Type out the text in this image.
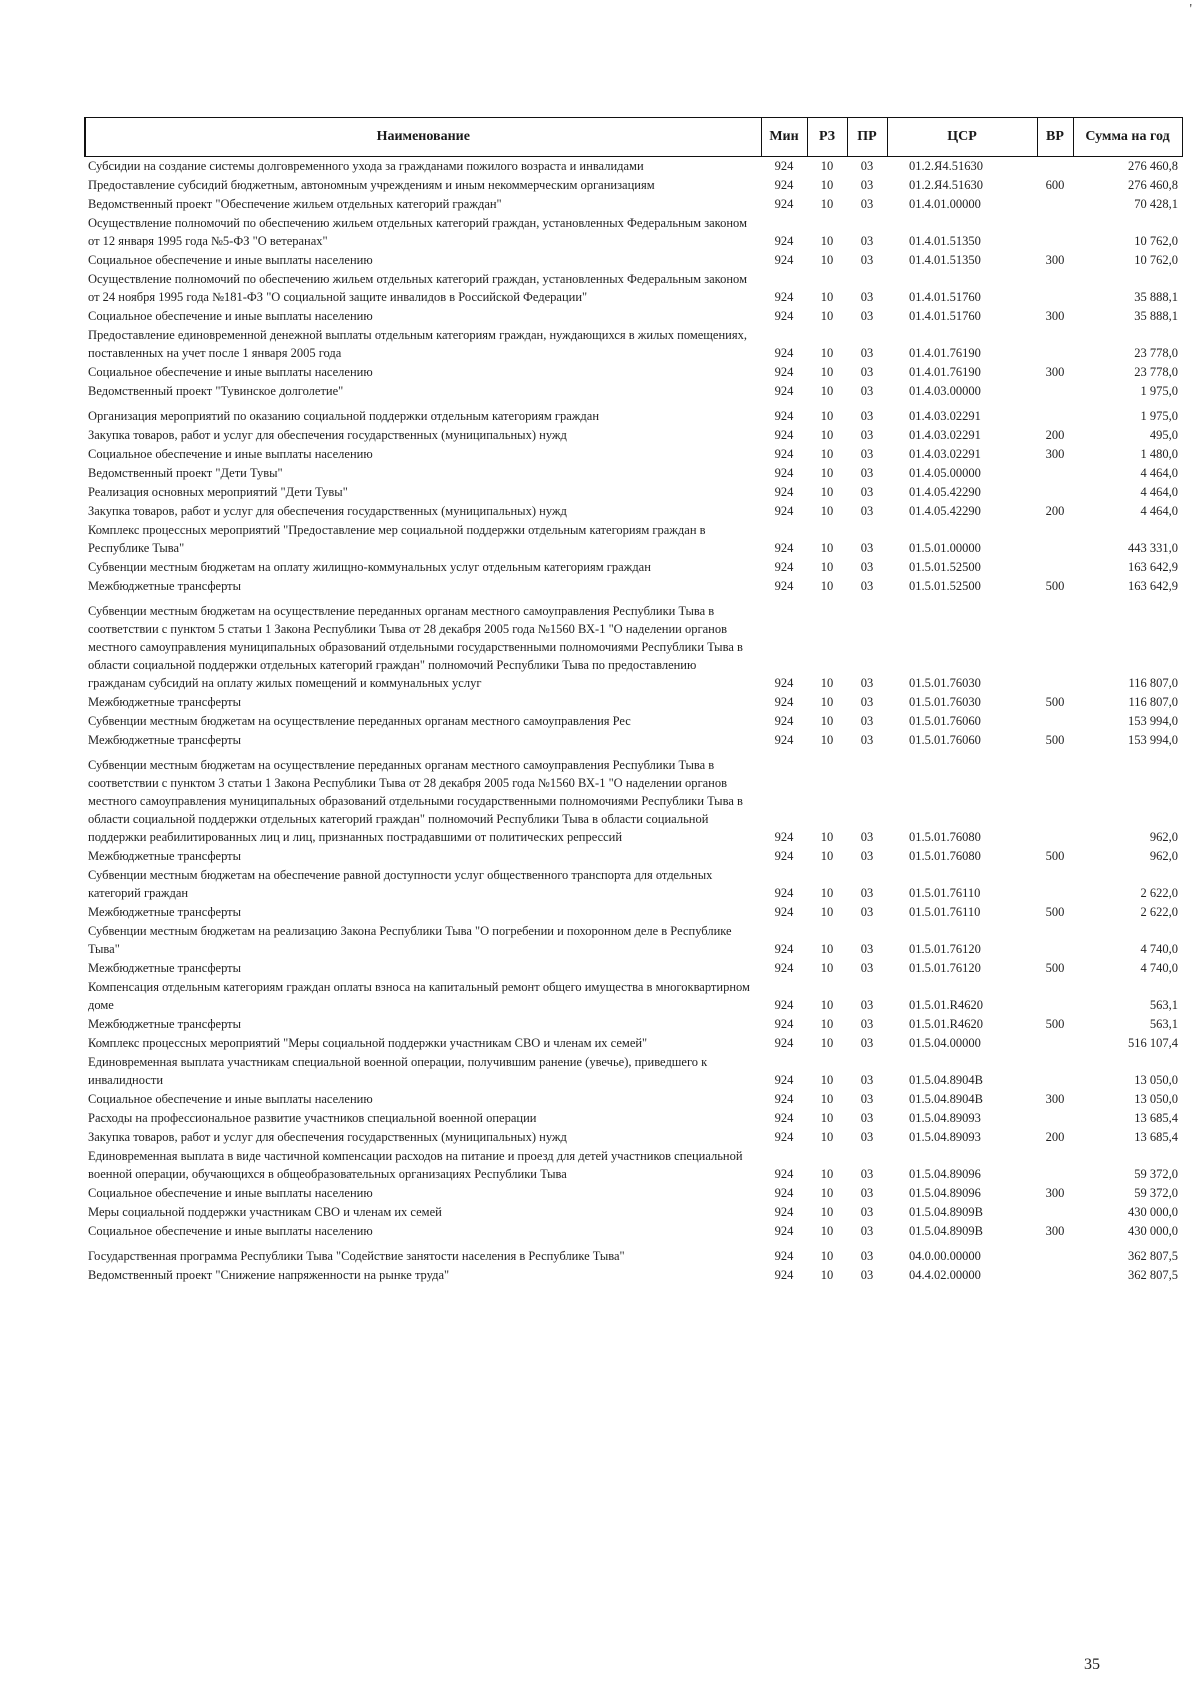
'
Наименование	Мин	РЗ	ПР	ЦСР	ВР	Сумма на год
Субсидии на создание системы долговременного ухода за гражданами пожилого возраста и инвалидами	924	10	03	01.2.Я4.51630		276 460,8
Предоставление субсидий бюджетным, автономным учреждениям и иным некоммерческим организациям	924	10	03	01.2.Я4.51630	600	276 460,8
Ведомственный проект "Обеспечение жильем отдельных категорий граждан"	924	10	03	01.4.01.00000		70 428,1
Осуществление полномочий по обеспечению жильем отдельных категорий граждан, установленных Федеральным законом от 12 января 1995 года №5-ФЗ "О ветеранах"	924	10	03	01.4.01.51350		10 762,0
Социальное обеспечение и иные выплаты населению	924	10	03	01.4.01.51350	300	10 762,0
Осуществление полномочий по обеспечению жильем отдельных категорий граждан, установленных Федеральным законом от 24 ноября 1995 года №181-ФЗ "О социальной защите инвалидов в Российской Федерации"	924	10	03	01.4.01.51760		35 888,1
Социальное обеспечение и иные выплаты населению	924	10	03	01.4.01.51760	300	35 888,1
Предоставление единовременной денежной выплаты отдельным категориям граждан, нуждающихся в жилых помещениях, поставленных на учет после 1 января 2005 года	924	10	03	01.4.01.76190		23 778,0
Социальное обеспечение и иные выплаты населению	924	10	03	01.4.01.76190	300	23 778,0
Ведомственный проект "Тувинское долголетие"	924	10	03	01.4.03.00000		1 975,0
Организация мероприятий по оказанию социальной поддержки отдельным категориям граждан	924	10	03	01.4.03.02291		1 975,0
Закупка товаров, работ и услуг для обеспечения государственных (муниципальных) нужд	924	10	03	01.4.03.02291	200	495,0
Социальное обеспечение и иные выплаты населению	924	10	03	01.4.03.02291	300	1 480,0
Ведомственный проект "Дети Тувы"	924	10	03	01.4.05.00000		4 464,0
Реализация основных мероприятий "Дети Тувы"	924	10	03	01.4.05.42290		4 464,0
Закупка товаров, работ и услуг для обеспечения государственных (муниципальных) нужд	924	10	03	01.4.05.42290	200	4 464,0
Комплекс процессных мероприятий "Предоставление мер социальной поддержки отдельным категориям граждан в Республике Тыва"	924	10	03	01.5.01.00000		443 331,0
Субвенции местным бюджетам на оплату жилищно-коммунальных услуг отдельным категориям граждан	924	10	03	01.5.01.52500		163 642,9
Межбюджетные трансферты	924	10	03	01.5.01.52500	500	163 642,9
Субвенции местным бюджетам на осуществление переданных органам местного самоуправления Республики Тыва в соответствии с пунктом 5 статьи 1 Закона Республики Тыва от 28 декабря 2005 года №1560 ВХ-1 "О наделении органов местного самоуправления муниципальных образований отдельными государственными полномочиями Республики Тыва в области социальной поддержки отдельных категорий граждан" полномочий Республики Тыва по предоставлению гражданам субсидий на оплату жилых помещений и коммунальных услуг	924	10	03	01.5.01.76030		116 807,0
Межбюджетные трансферты	924	10	03	01.5.01.76030	500	116 807,0
Субвенции местным бюджетам на осуществление переданных органам местного самоуправления Рес	924	10	03	01.5.01.76060		153 994,0
Межбюджетные трансферты	924	10	03	01.5.01.76060	500	153 994,0
Субвенции местным бюджетам на осуществление переданных органам местного самоуправления Республики Тыва в соответствии с пунктом 3 статьи 1 Закона Республики Тыва от 28 декабря 2005 года №1560 ВХ-1 "О наделении органов местного самоуправления муниципальных образований отдельными государственными полномочиями Республики Тыва в области социальной поддержки отдельных категорий граждан" полномочий Республики Тыва в области социальной поддержки реабилитированных лиц и лиц, признанных пострадавшими от политических репрессий	924	10	03	01.5.01.76080		962,0
Межбюджетные трансферты	924	10	03	01.5.01.76080	500	962,0
Субвенции местным бюджетам на обеспечение равной доступности услуг общественного транспорта для отдельных категорий граждан	924	10	03	01.5.01.76110		2 622,0
Межбюджетные трансферты	924	10	03	01.5.01.76110	500	2 622,0
Субвенции местным бюджетам на реализацию Закона Республики Тыва "О погребении и похоронном деле в Республике Тыва"	924	10	03	01.5.01.76120		4 740,0
Межбюджетные трансферты	924	10	03	01.5.01.76120	500	4 740,0
Компенсация отдельным категориям граждан оплаты взноса на капитальный ремонт общего имущества в многоквартирном доме	924	10	03	01.5.01.R4620		563,1
Межбюджетные трансферты	924	10	03	01.5.01.R4620	500	563,1
Комплекс процессных мероприятий "Меры социальной поддержки участникам СВО и членам их семей"	924	10	03	01.5.04.00000		516 107,4
Единовременная выплата участникам специальной военной операции, получившим ранение (увечье), приведшего к инвалидности	924	10	03	01.5.04.8904В		13 050,0
Социальное обеспечение и иные выплаты населению	924	10	03	01.5.04.8904В	300	13 050,0
Расходы на профессиональное развитие участников специальной военной операции	924	10	03	01.5.04.89093		13 685,4
Закупка товаров, работ и услуг для обеспечения государственных (муниципальных) нужд	924	10	03	01.5.04.89093	200	13 685,4
Единовременная выплата в виде частичной компенсации расходов на питание и проезд для детей участников специальной военной операции, обучающихся в общеобразовательных организациях Республики Тыва	924	10	03	01.5.04.89096		59 372,0
Социальное обеспечение и иные выплаты населению	924	10	03	01.5.04.89096	300	59 372,0
Меры социальной поддержки участникам СВО и членам их семей	924	10	03	01.5.04.8909В		430 000,0
Социальное обеспечение и иные выплаты населению	924	10	03	01.5.04.8909В	300	430 000,0
Государственная программа Республики Тыва "Содействие занятости населения в Республике Тыва"	924	10	03	04.0.00.00000		362 807,5
Ведомственный проект "Снижение напряженности на рынке труда"	924	10	03	04.4.02.00000		362 807,5
35
